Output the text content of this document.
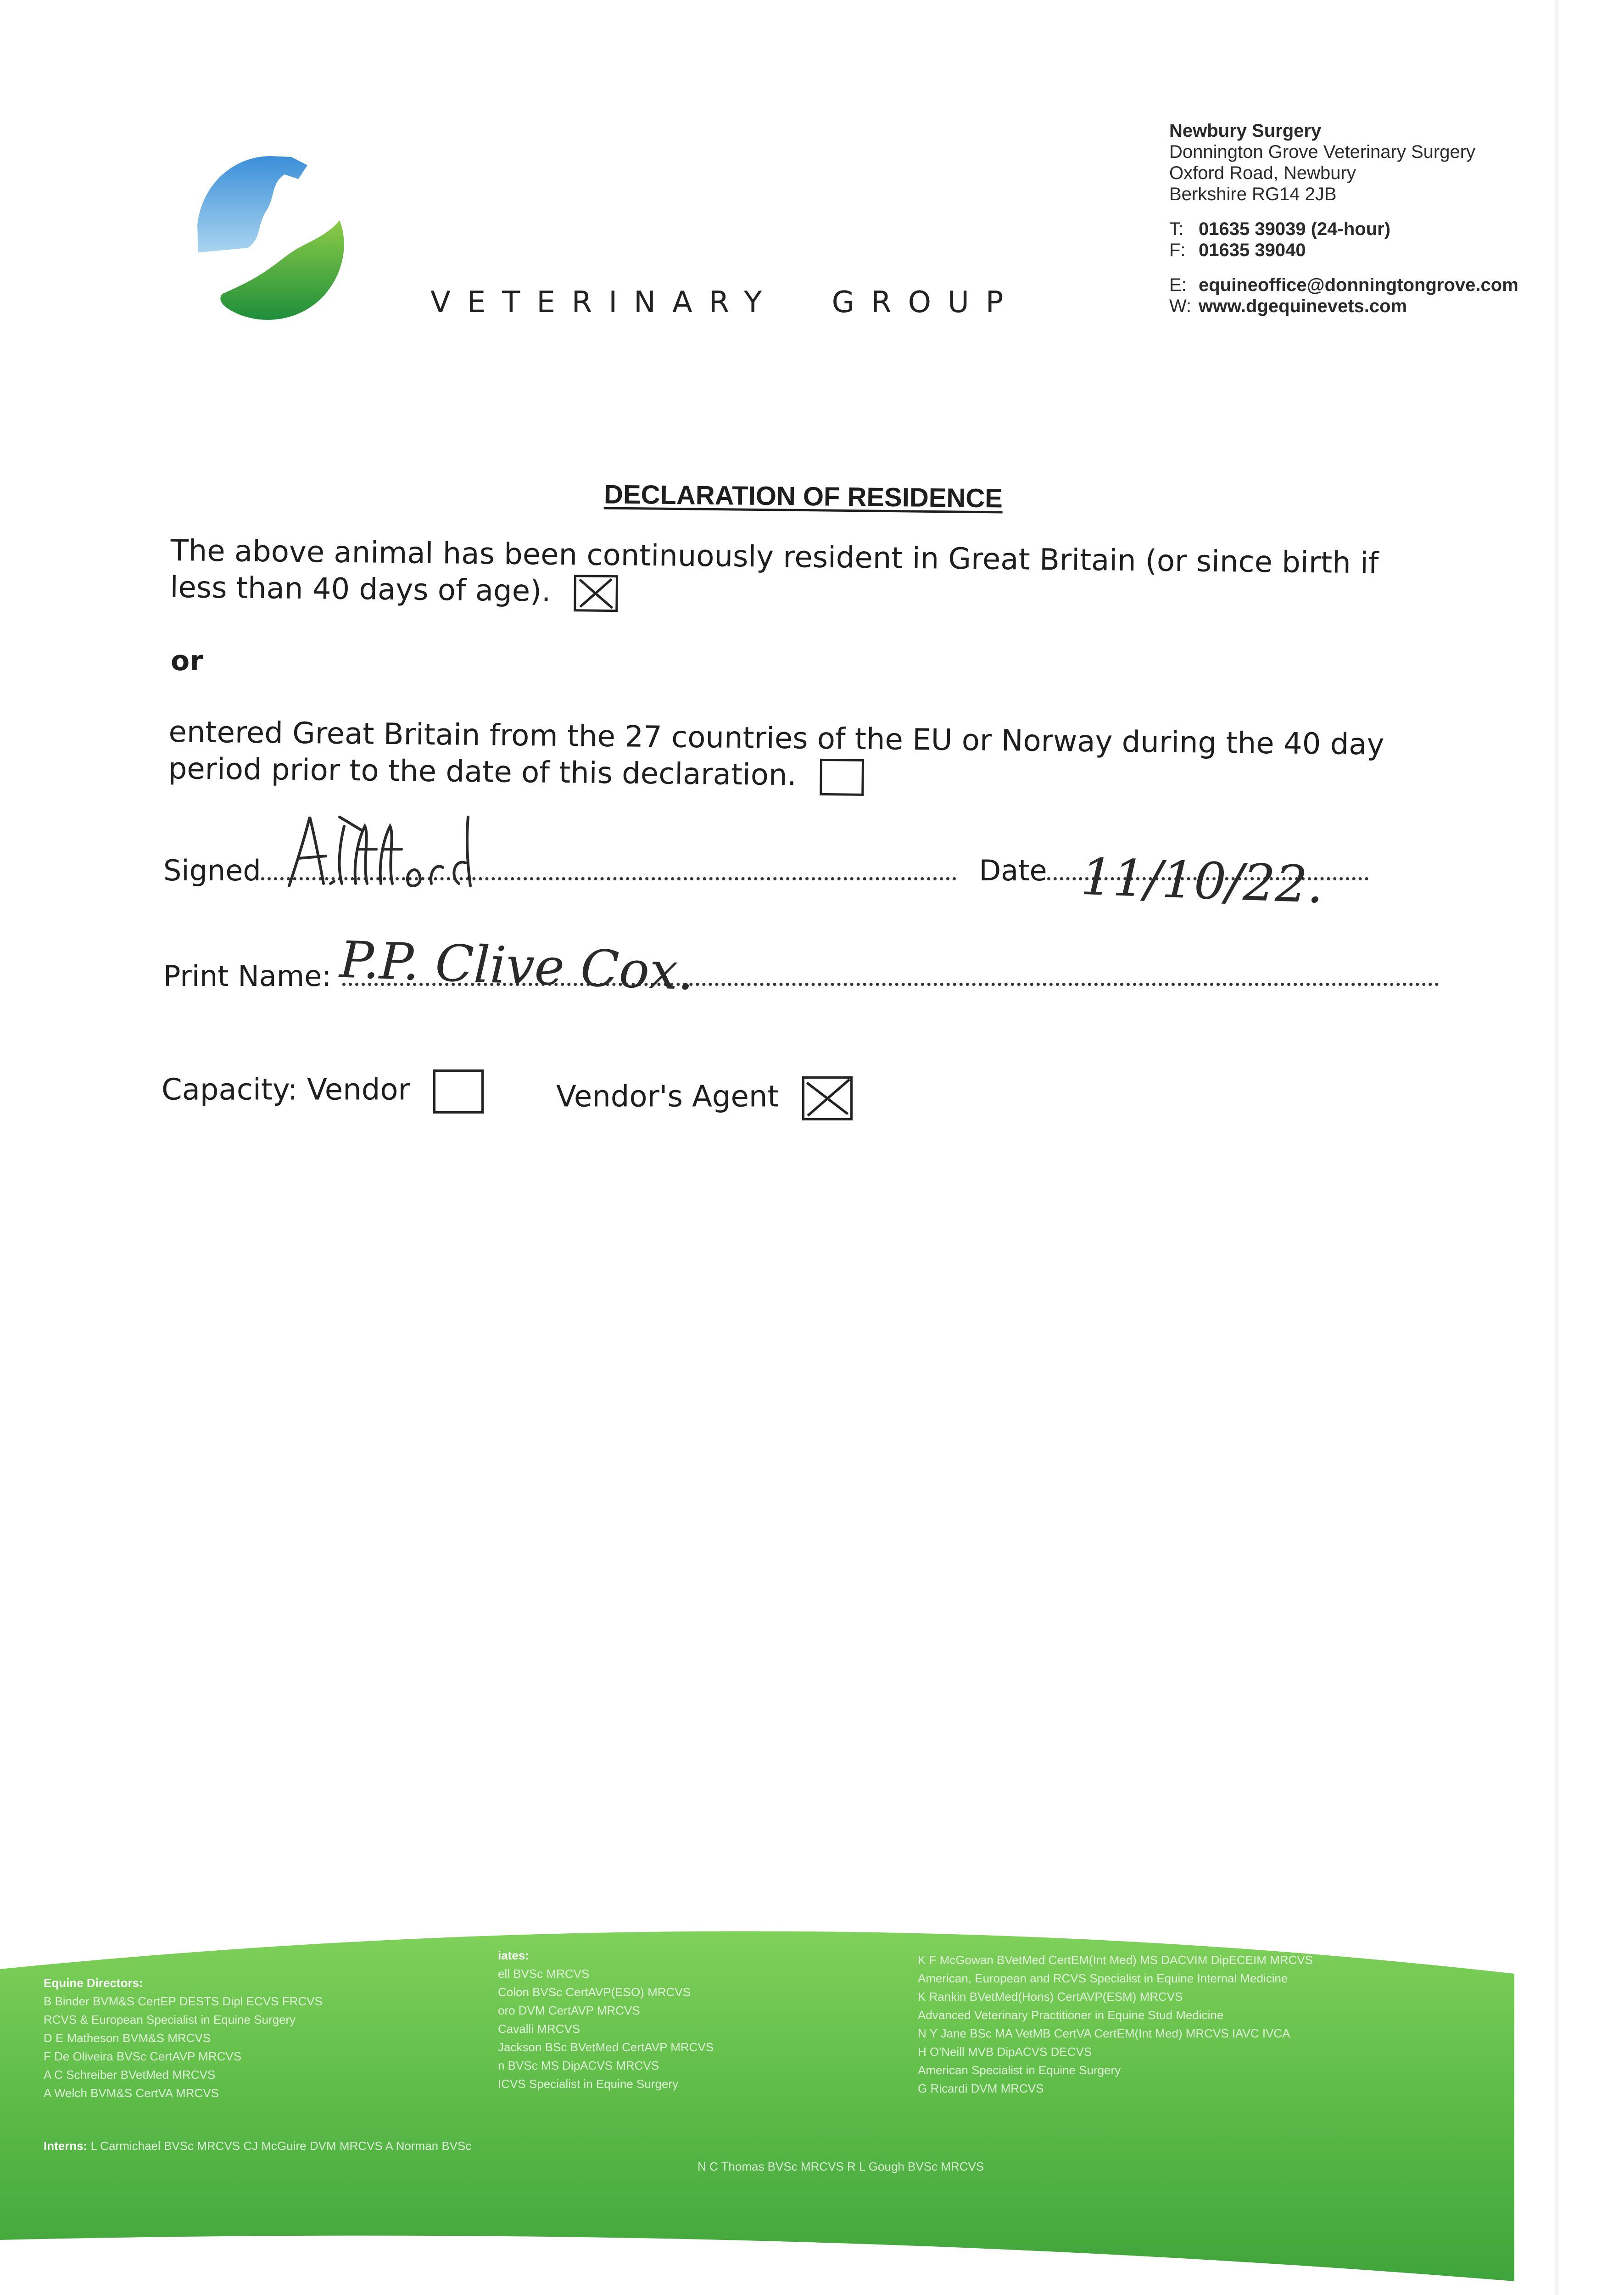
VETERINARY GROUP
Newbury Surgery
Donnington Grove Veterinary Surgery
Oxford Road, Newbury
Berkshire RG14 2JB
T: 01635 39039 (24-hour)
F: 01635 39040
E: equineoffice@donningtongrove.com
W: www.dgequinevets.com
DECLARATION OF RESIDENCE
The above animal has been continuously resident in Great Britain (or since birth if less than 40 days of age).
or
entered Great Britain from the 27 countries of the EU or Norway during the 40 day period prior to the date of this declaration.
Signed	Date 11/10/22.
Print Name: P.P. Clive Cox.
Capacity: Vendor	Vendor's Agent
Equine Directors:
B Binder BVM&S CertEP DESTS Dipl ECVS FRCVS
RCVS & European Specialist in Equine Surgery
D E Matheson BVM&S MRCVS
F De Oliveira BVSc CertAVP MRCVS
A C Schreiber BVetMed MRCVS
A Welch BVM&S CertVA MRCVS
iates:
ell BVSc MRCVS
Colon BVSc CertAVP(ESO) MRCVS
oro DVM CertAVP MRCVS
Cavalli MRCVS
Jackson BSc BVetMed CertAVP MRCVS
n BVSc MS DipACVS MRCVS
ICVS Specialist in Equine Surgery
K F McGowan BVetMed CertEM(Int Med) MS DACVIM DipECEIM MRCVS
American, European and RCVS Specialist in Equine Internal Medicine
K Rankin BVetMed(Hons) CertAVP(ESM) MRCVS
Advanced Veterinary Practitioner in Equine Stud Medicine
N Y Jane BSc MA VetMB CertVA CertEM(Int Med) MRCVS IAVC IVCA
H O'Neill MVB DipACVS DECVS
American Specialist in Equine Surgery
G Ricardi DVM MRCVS
Interns: L Carmichael BVSc MRCVS CJ McGuire DVM MRCVS A Norman BVSc
N C Thomas BVSc MRCVS R L Gough BVSc MRCVS
